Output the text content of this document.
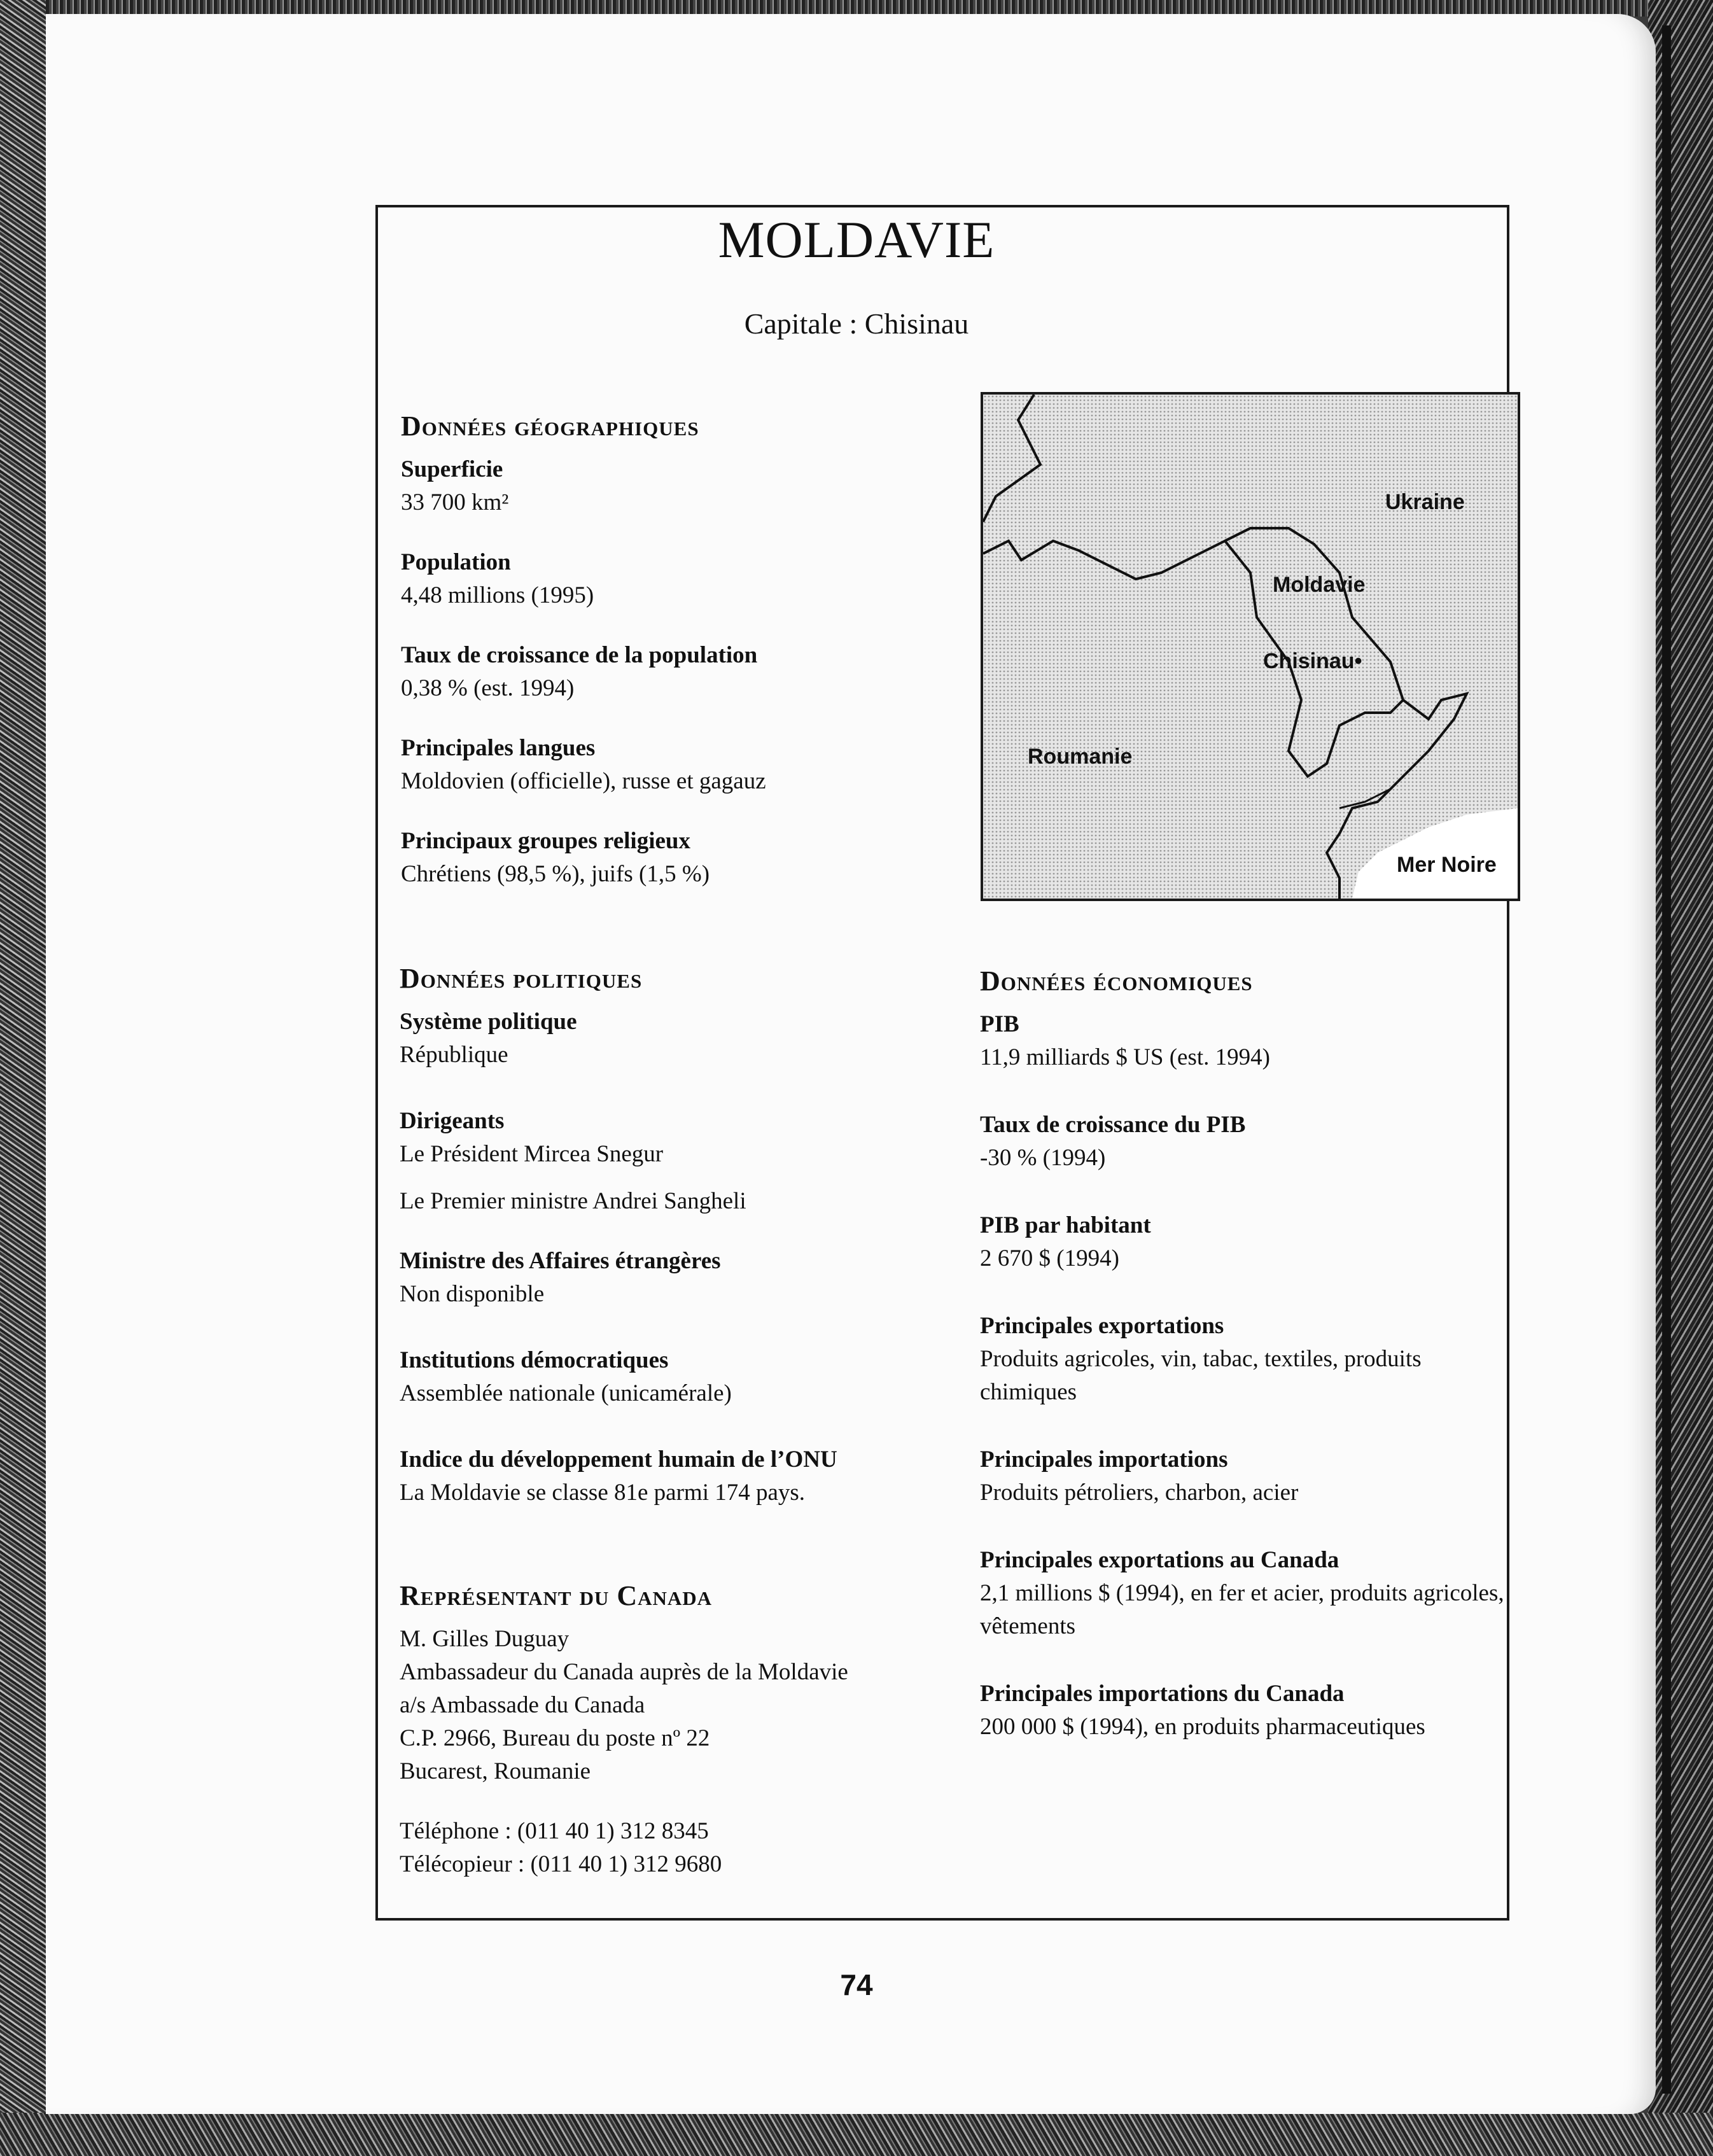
MOLDAVIE
Capitale : Chisinau
Données géographiques
Superficie
33 700 km²
Population
4,48 millions (1995)
Taux de croissance de la population
0,38 % (est. 1994)
Principales langues
Moldovien (officielle), russe et gagauz
Principaux groupes religieux
Chrétiens (98,5 %), juifs (1,5 %)
Ukraine
Moldavie
Chisinau•
Roumanie
Mer Noire
Données politiques
Système politique
République
Dirigeants
Le Président Mircea Snegur
Le Premier ministre Andrei Sangheli
Ministre des Affaires étrangères
Non disponible
Institutions démocratiques
Assemblée nationale (unicamérale)
Indice du développement humain de l’ONU
La Moldavie se classe 81e parmi 174 pays.
Représentant du Canada
M. Gilles Duguay
Ambassadeur du Canada auprès de la Moldavie
a/s Ambassade du Canada
C.P. 2966, Bureau du poste nº 22
Bucarest, Roumanie
Téléphone : (011 40 1) 312 8345
Télécopieur : (011 40 1) 312 9680
Données économiques
PIB
11,9 milliards $ US (est. 1994)
Taux de croissance du PIB
-30 % (1994)
PIB par habitant
2 670 $ (1994)
Principales exportations
Produits agricoles, vin, tabac, textiles, produits chimiques
Principales importations
Produits pétroliers, charbon, acier
Principales exportations au Canada
2,1 millions $ (1994), en fer et acier, produits agricoles,
vêtements
Principales importations du Canada
200 000 $ (1994), en produits pharmaceutiques
74
